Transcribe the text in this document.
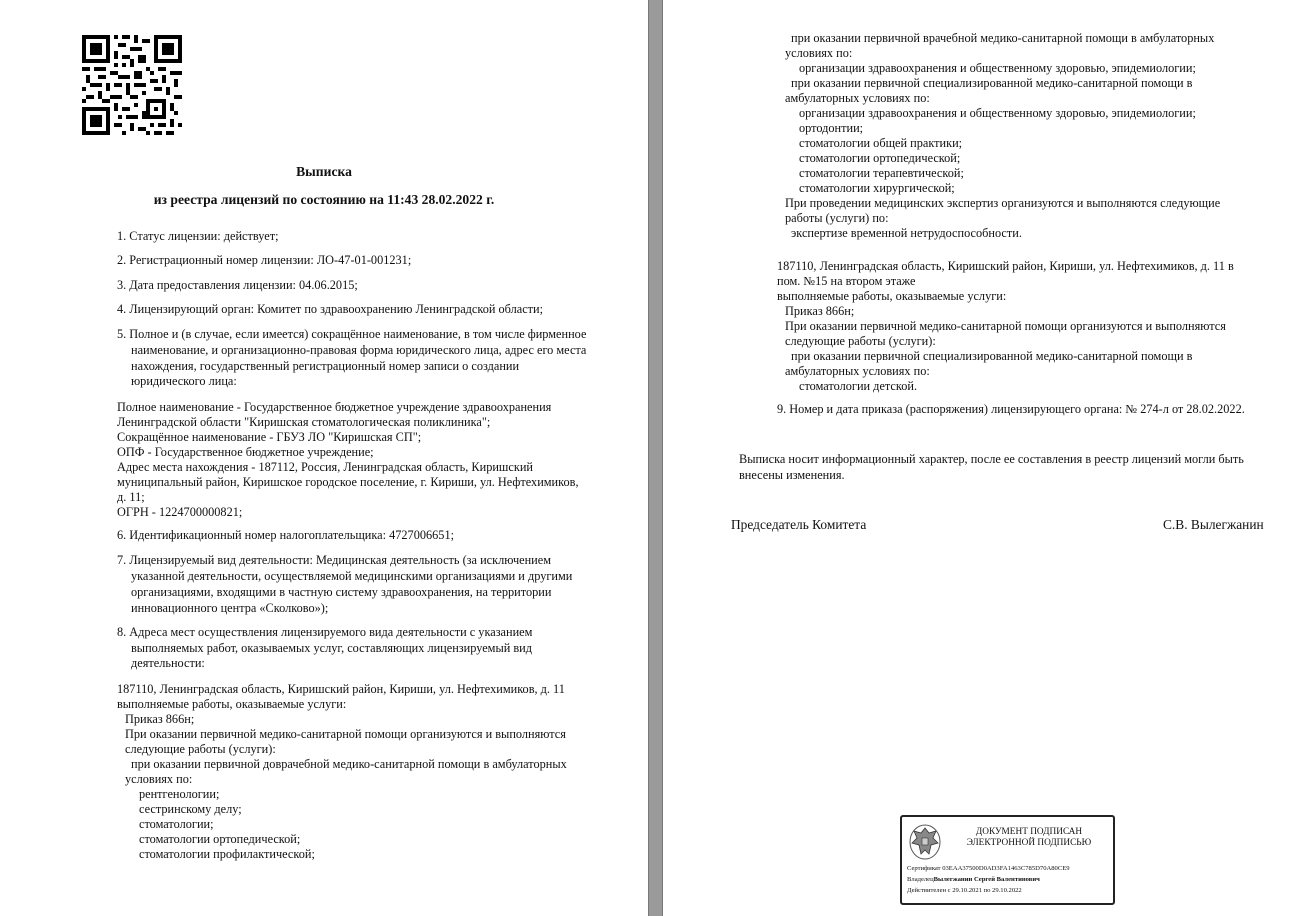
Выписка

из реестра лицензий по состоянию на 11:43 28.02.2022 г.

1. Статус лицензии: действует;

2. Регистрационный номер лицензии: ЛО-47-01-001231;

3. Дата предоставления лицензии: 04.06.2015;

4. Лицензирующий орган: Комитет по здравоохранению Ленинградской области;

5. Полное и (в случае, если имеется) сокращённое наименование, в том числе фирменное

наименование, и организационно-правовая форма юридического лица, адрес его места

нахождения, государственный регистрационный номер записи о создании

юридического лица:

Полное наименование - Государственное бюджетное учреждение здравоохранения

Ленинградской области "Киришская стоматологическая поликлиника";

Сокращённое наименование - ГБУЗ ЛО "Киришская СП";

ОПФ - Государственное бюджетное учреждение;

Адрес места нахождения - 187112, Россия, Ленинградская область, Киришский

муниципальный район, Киришское городское поселение, г. Кириши, ул. Нефтехимиков,

д. 11;

ОГРН - 1224700000821;

6. Идентификационный номер налогоплательщика: 4727006651;

7. Лицензируемый вид деятельности: Медицинская деятельность (за исключением

указанной деятельности, осуществляемой медицинскими организациями и другими

организациями, входящими в частную систему здравоохранения, на территории

инновационного центра «Сколково»);

8. Адреса мест осуществления лицензируемого вида деятельности с указанием

выполняемых работ, оказываемых услуг, составляющих лицензируемый вид

деятельности:

187110, Ленинградская область, Киришский район, Кириши, ул. Нефтехимиков, д. 11

выполняемые работы, оказываемые услуги:

Приказ 866н;

При оказании первичной медико-санитарной помощи организуются и выполняются

следующие работы (услуги):

при оказании первичной доврачебной медико-санитарной помощи в амбулаторных

условиях по:

рентгенологии;

сестринскому делу;

стоматологии;

стоматологии ортопедической;

стоматологии профилактической;

при оказании первичной врачебной медико-санитарной помощи в амбулаторных

условиях по:

организации здравоохранения и общественному здоровью, эпидемиологии;

при оказании первичной специализированной медико-санитарной помощи в

амбулаторных условиях по:

организации здравоохранения и общественному здоровью, эпидемиологии;

ортодонтии;

стоматологии общей практики;

стоматологии ортопедической;

стоматологии терапевтической;

стоматологии хирургической;

При проведении медицинских экспертиз организуются и выполняются следующие

работы (услуги) по:

экспертизе временной нетрудоспособности.

187110, Ленинградская область, Киришский район, Кириши, ул. Нефтехимиков, д. 11 в

пом. №15 на втором этаже

выполняемые работы, оказываемые услуги:

Приказ 866н;

При оказании первичной медико-санитарной помощи организуются и выполняются

следующие работы (услуги):

при оказании первичной специализированной медико-санитарной помощи в

амбулаторных условиях по:

стоматологии детской.

9. Номер и дата приказа (распоряжения) лицензирующего органа: № 274-л от 28.02.2022.

Выписка носит информационный характер, после ее составления в реестр лицензий могли быть

внесены изменения.

Председатель Комитета	С.В. Вылегжанин

ДОКУМЕНТ ПОДПИСАН

ЭЛЕКТРОННОЙ ПОДПИСЬЮ

Сертификат 03EAA37500D0AD3FA1463C785D70A80CE9

ВладелецВылегжанин Сергей Валентинович

Действителен с 29.10.2021 по 29.10.2022
